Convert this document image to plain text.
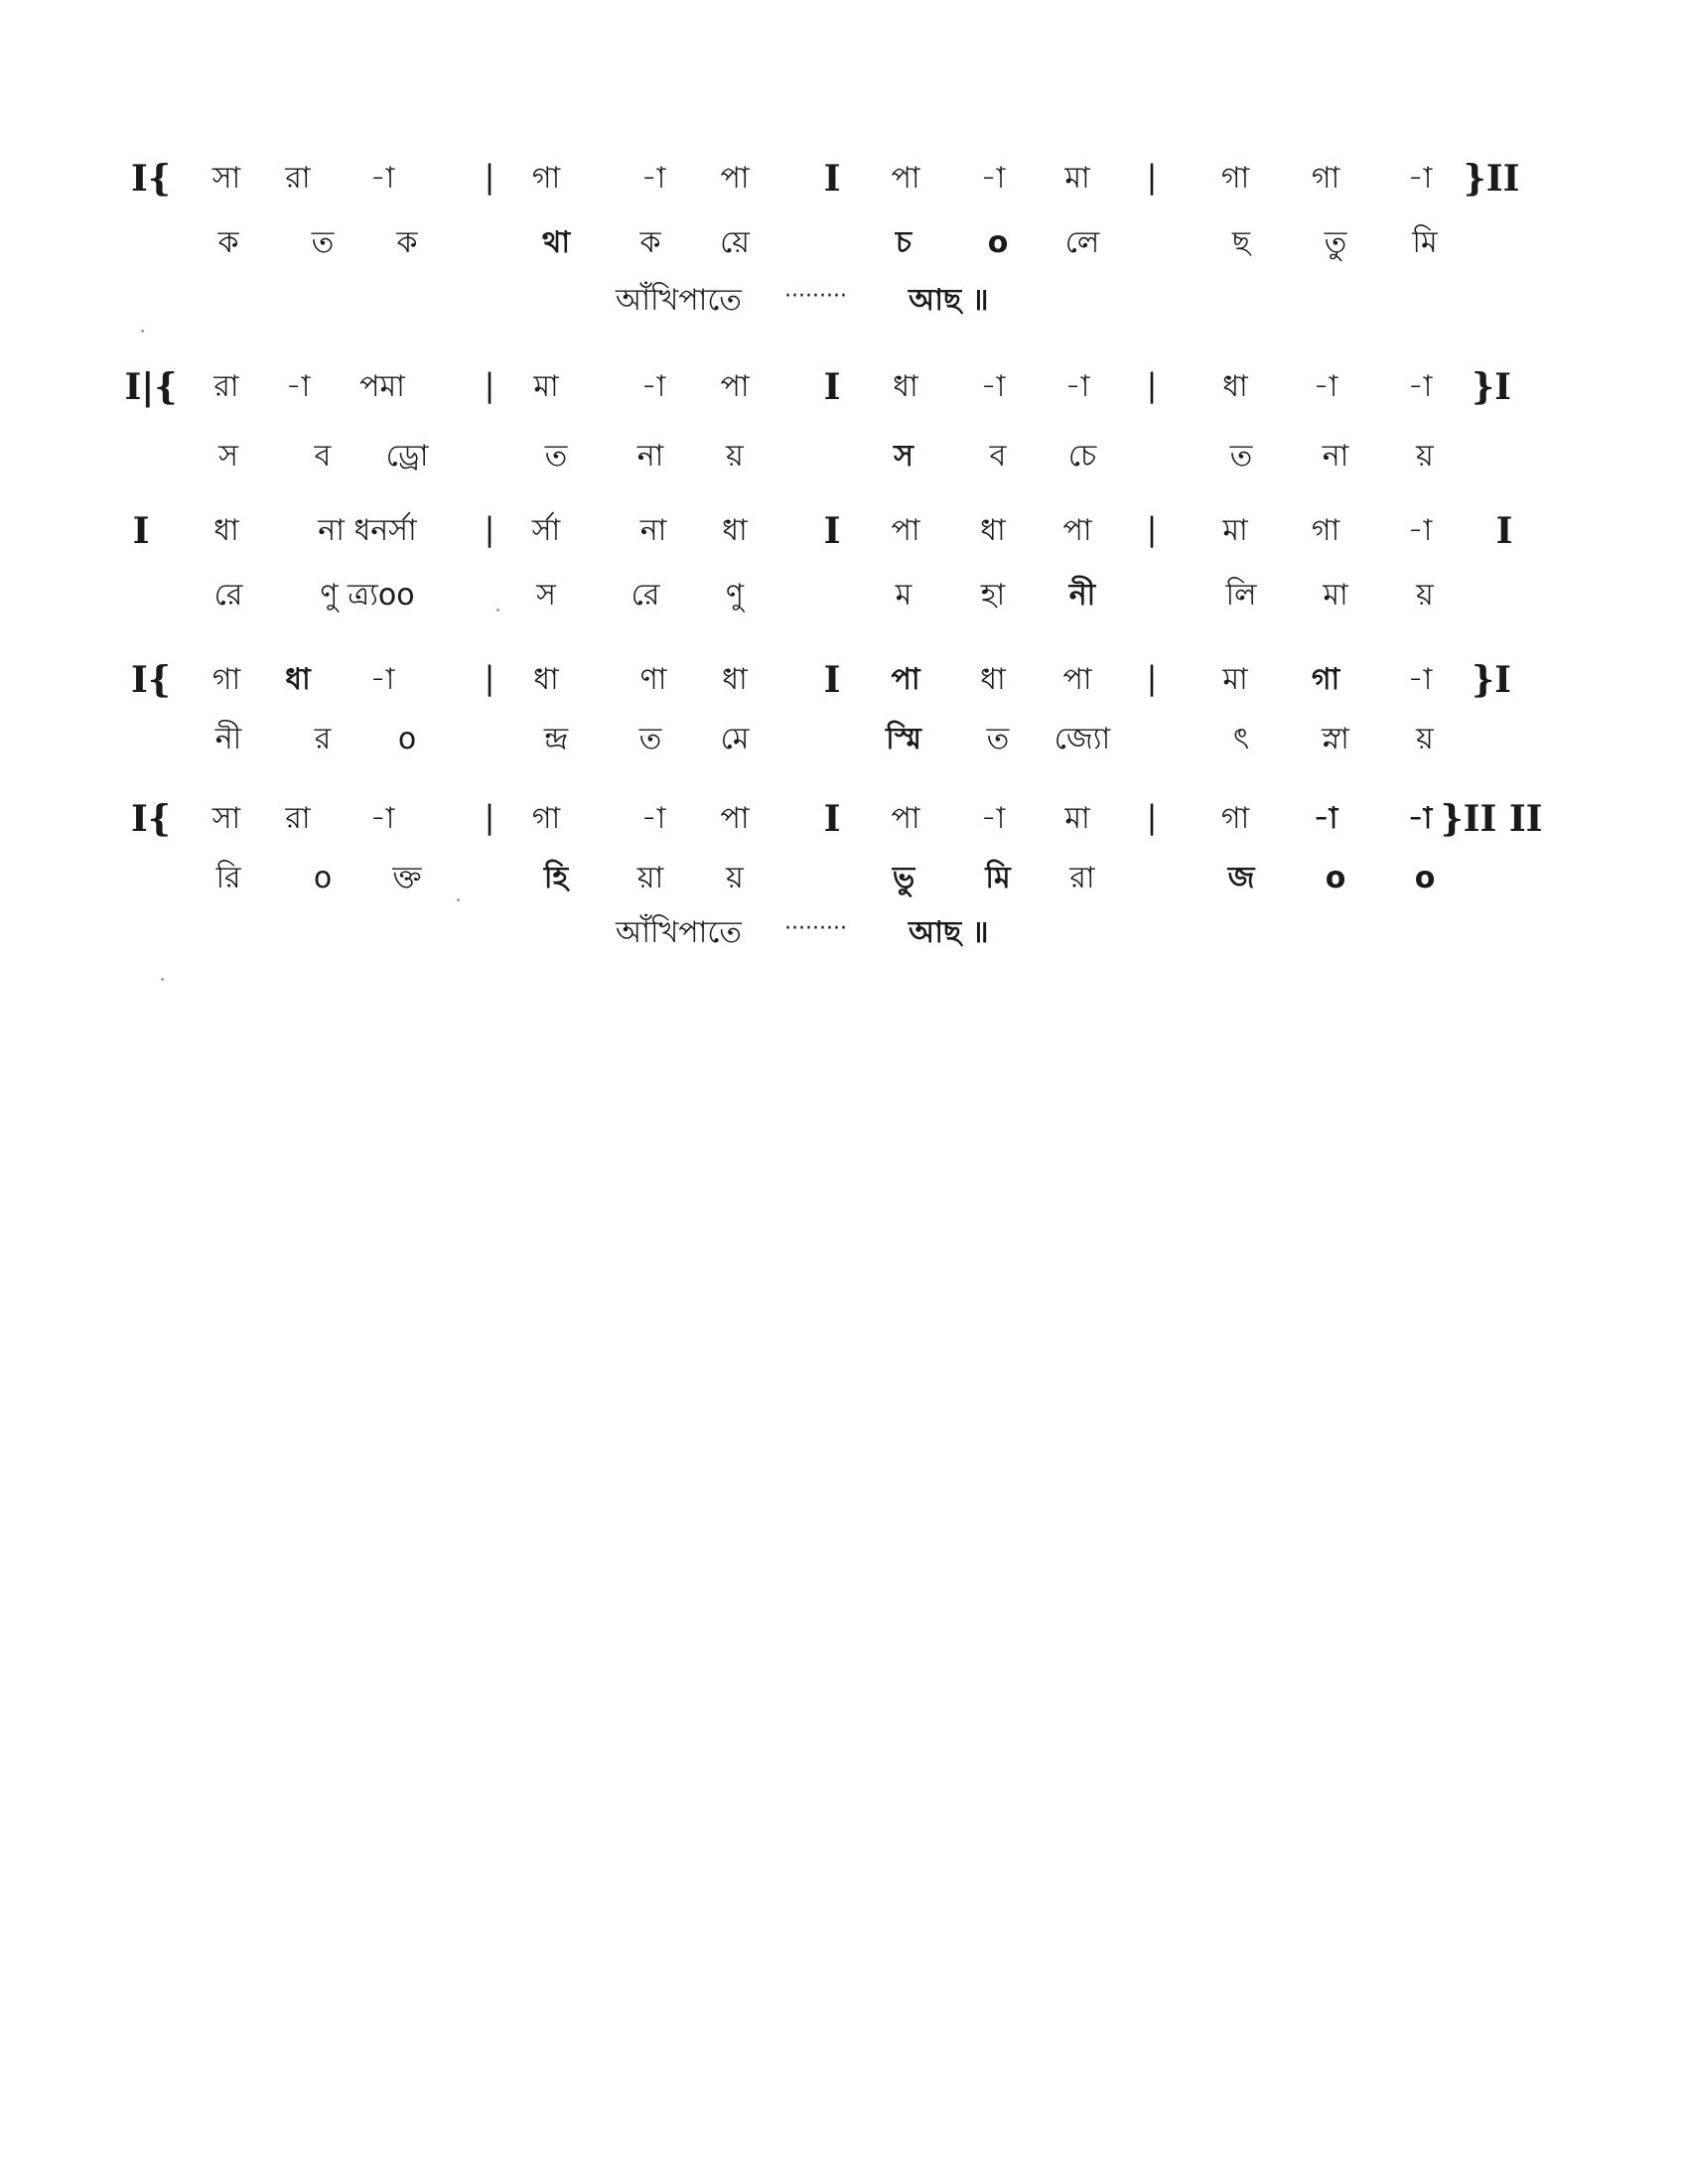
I{ সা রা -া	| গা	-া পা I পা -া মা | গা গা -া }II
ক ত ক	থা ক য়ে	চ	o লে	ছ তু মি
আঁখিপাতে ········· আছ ॥
I|{ রা -া পমা | মা	-া পা I ধা -া -া | ধা -া -া }I
স	ব ড্রো	ত না য়	স	ব চে	ত না য়
I ধা	না ধনর্সা | র্সা	না ধা I পা ধা পা | মা গা -া I
রে	ণু ত্র্যoo	স	রে ণু	ম হা নী	লি মা য়
I{ গা ধা -া	| ধা	ণা ধা I পা ধা পা | মা গা -া }I
নী র o	ন্দ্র ত মে	স্মি ত জ্যো	ৎ স্না য়
I{ সা রা -া	| গা	-া পা I পা -া মা | গা -া -া }II II
রি o ক্ত	হি য়া য়	ভু মি রা	জ o o
আঁখিপাতে ········· আছ ॥
